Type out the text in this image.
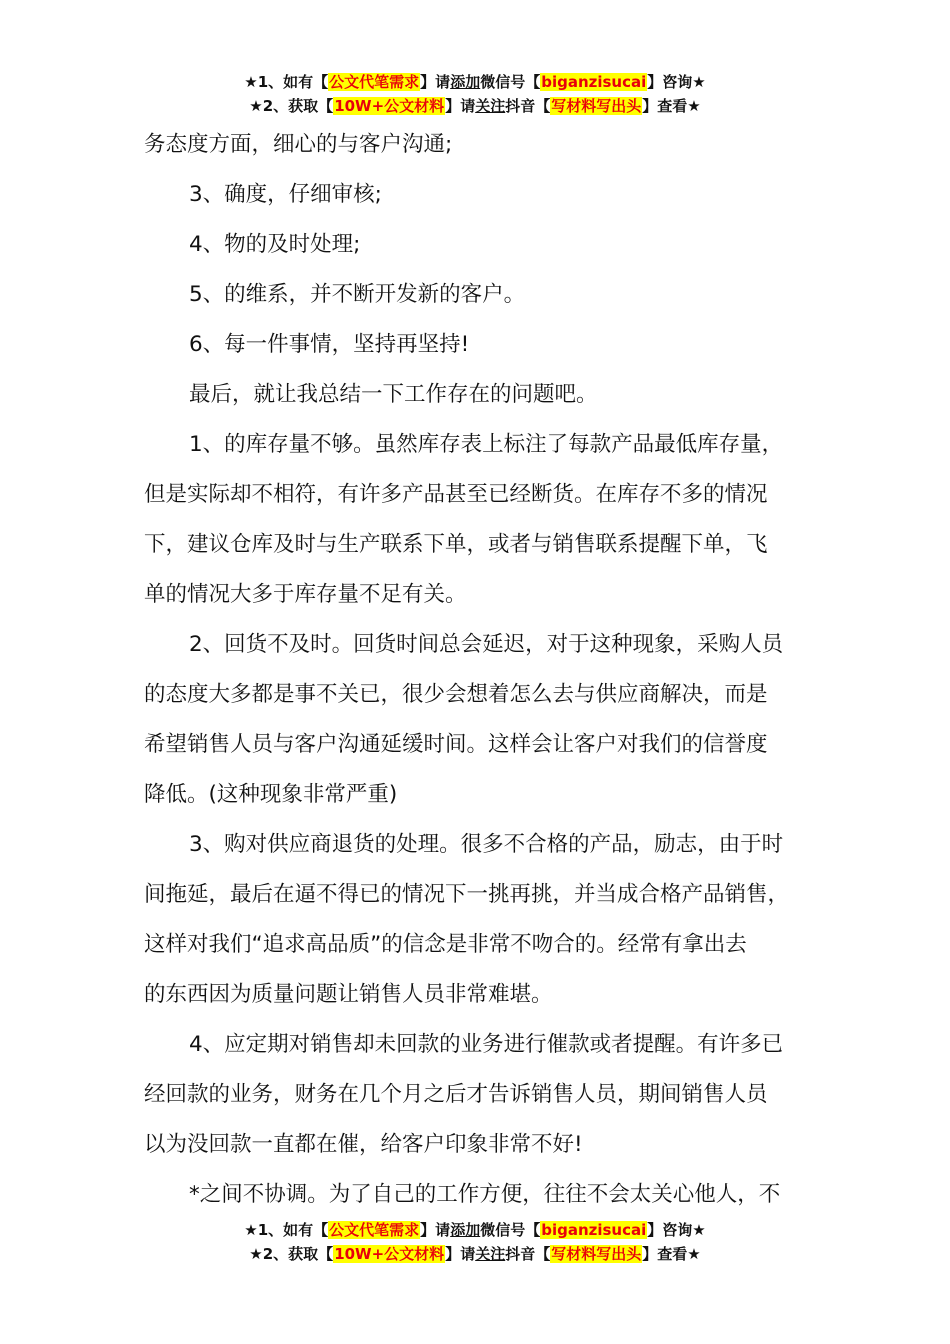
★1、如有【公文代笔需求】请添加微信号【biganzisucai】咨询★
★2、获取【10W+公文材料】请关注抖音【写材料写出头】查看★

务态度方面，细心的与客户沟通;

3、确度，仔细审核;

4、物的及时处理;

5、的维系，并不断开发新的客户。

6、每一件事情，坚持再坚持!

最后，就让我总结一下工作存在的问题吧。

1、的库存量不够。虽然库存表上标注了每款产品最低库存量，

但是实际却不相符，有许多产品甚至已经断货。在库存不多的情况

下，建议仓库及时与生产联系下单，或者与销售联系提醒下单，飞

单的情况大多于库存量不足有关。

2、回货不及时。回货时间总会延迟，对于这种现象，采购人员

的态度大多都是事不关已，很少会想着怎么去与供应商解决，而是

希望销售人员与客户沟通延缓时间。这样会让客户对我们的信誉度

降低。(这种现象非常严重)

3、购对供应商退货的处理。很多不合格的产品，励志，由于时

间拖延，最后在逼不得已的情况下一挑再挑，并当成合格产品销售，

这样对我们“追求高品质”的信念是非常不吻合的。经常有拿出去

的东西因为质量问题让销售人员非常难堪。

4、应定期对销售却未回款的业务进行催款或者提醒。有许多已

经回款的业务，财务在几个月之后才告诉销售人员，期间销售人员

以为没回款一直都在催，给客户印象非常不好!

*之间不协调。为了自己的工作方便，往往不会太关心他人，不

★1、如有【公文代笔需求】请添加微信号【biganzisucai】咨询★
★2、获取【10W+公文材料】请关注抖音【写材料写出头】查看★
